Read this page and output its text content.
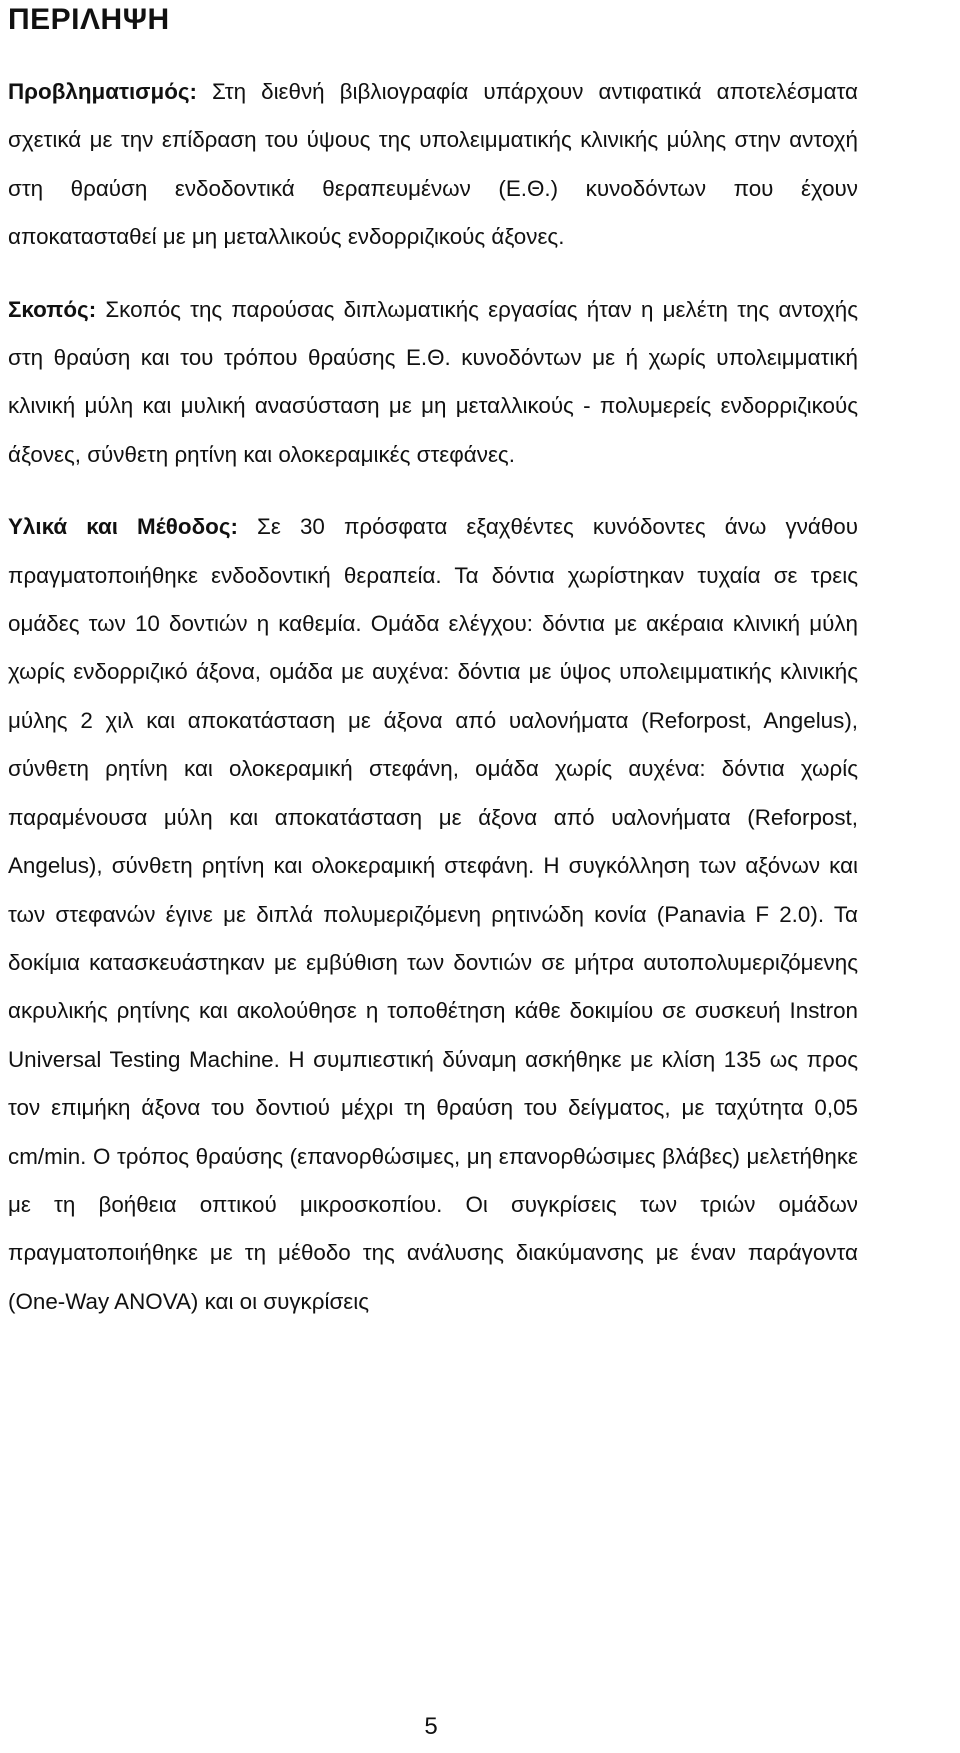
ΠΕΡΙΛΗΨΗ

Προβληματισμός: Στη διεθνή βιβλιογραφία υπάρχουν αντιφατικά αποτελέσματα σχετικά με την επίδραση του ύψους της υπολειμματικής κλινικής μύλης στην αντοχή στη θραύση ενδοδοντικά θεραπευμένων (Ε.Θ.) κυνοδόντων που έχουν αποκατασταθεί με μη μεταλλικούς ενδορριζικούς άξονες.

Σκοπός: Σκοπός της παρούσας διπλωματικής εργασίας ήταν η μελέτη της αντοχής στη θραύση και του τρόπου θραύσης Ε.Θ. κυνοδόντων με ή χωρίς υπολειμματική κλινική μύλη και μυλική ανασύσταση με μη μεταλλικούς - πολυμερείς ενδορριζικούς άξονες, σύνθετη ρητίνη και ολοκεραμικές στεφάνες.

Υλικά και Μέθοδος: Σε 30 πρόσφατα εξαχθέντες κυνόδοντες άνω γνάθου πραγματοποιήθηκε ενδοδοντική θεραπεία. Τα δόντια χωρίστηκαν τυχαία σε τρεις ομάδες των 10 δοντιών η καθεμία. Ομάδα ελέγχου: δόντια με ακέραια κλινική μύλη χωρίς ενδορριζικό άξονα, ομάδα με αυχένα: δόντια με ύψος υπολειμματικής κλινικής μύλης 2 χιλ και αποκατάσταση με άξονα από υαλονήματα (Reforpost, Angelus), σύνθετη ρητίνη και ολοκεραμική στεφάνη, ομάδα χωρίς αυχένα: δόντια χωρίς παραμένουσα μύλη και αποκατάσταση με άξονα από υαλονήματα (Reforpost, Angelus), σύνθετη ρητίνη και ολοκεραμική στεφάνη. Η συγκόλληση των αξόνων και των στεφανών έγινε με διπλά πολυμεριζόμενη ρητινώδη κονία (Panavia F 2.0). Τα δοκίμια κατασκευάστηκαν με εμβύθιση των δοντιών σε μήτρα αυτοπολυμεριζόμενης ακρυλικής ρητίνης και ακολούθησε η τοποθέτηση κάθε δοκιμίου σε συσκευή Instron Universal Testing Machine. Η συμπιεστική δύναμη ασκήθηκε με κλίση 135 ως προς τον επιμήκη άξονα του δοντιού μέχρι τη θραύση του δείγματος, με ταχύτητα 0,05 cm/min. Ο τρόπος θραύσης (επανορθώσιμες, μη επανορθώσιμες βλάβες) μελετήθηκε με τη βοήθεια οπτικού μικροσκοπίου. Οι συγκρίσεις των τριών ομάδων πραγματοποιήθηκε με τη μέθοδο της ανάλυσης διακύμανσης με έναν παράγοντα (One-Way ANOVA) και οι συγκρίσεις

5
